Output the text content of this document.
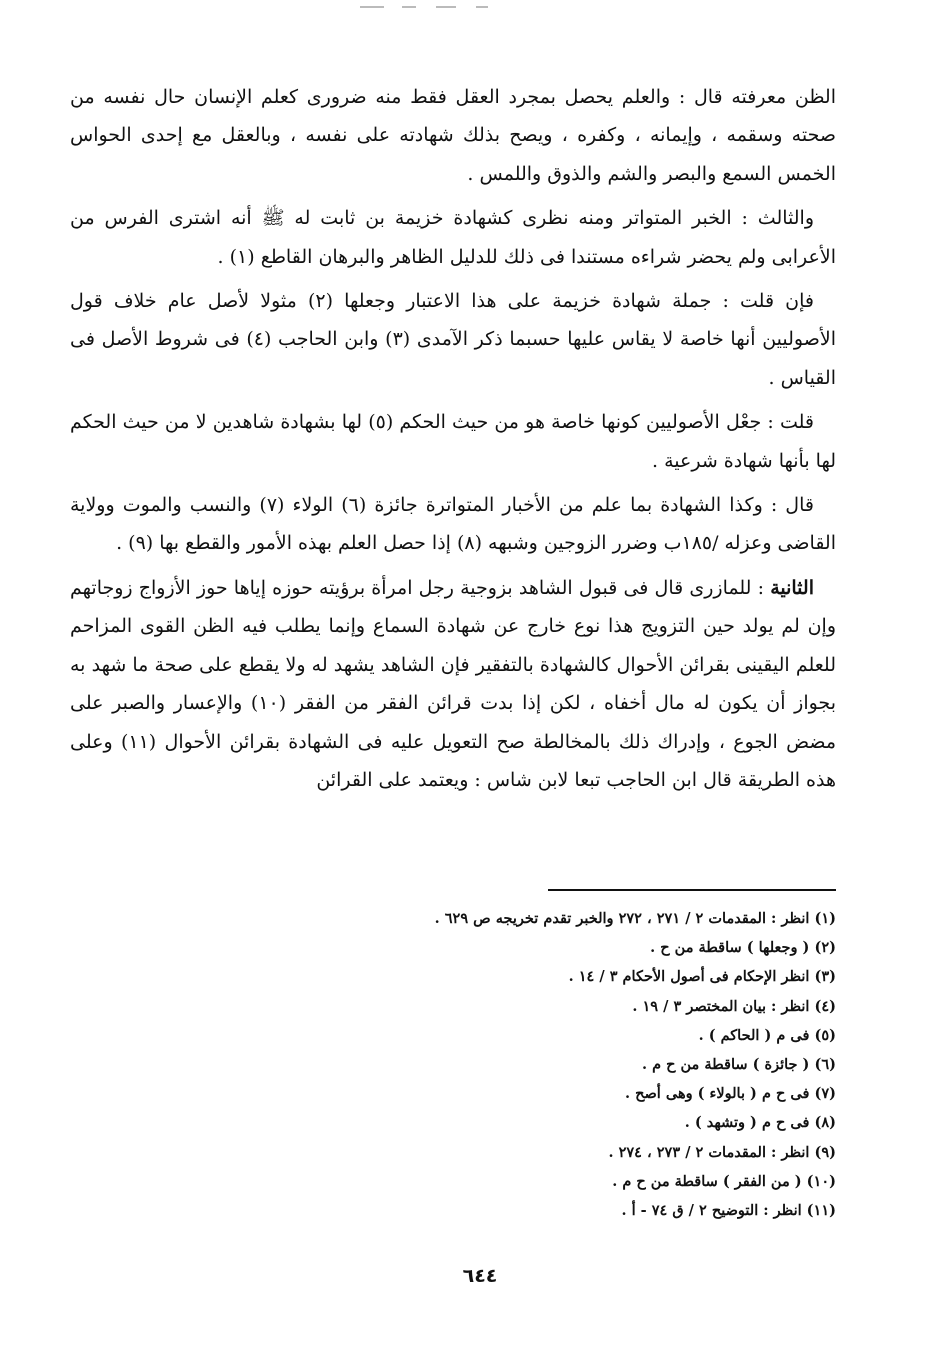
الظن معرفته قال : والعلم يحصل بمجرد العقل فقط منه ضرورى كعلم الإنسان حال نفسه من صحته وسقمه ، وإيمانه ، وكفره ، ويصح بذلك شهادته على نفسه ، وبالعقل مع إحدى الحواس الخمس السمع والبصر والشم والذوق واللمس .

والثالث : الخبر المتواتر ومنه نظرى كشهادة خزيمة بن ثابت له ﷺ أنه اشترى الفرس من الأعرابى ولم يحضر شراءه مستندا فى ذلك للدليل الظاهر والبرهان القاطع (١) .

فإن قلت : جملة شهادة خزيمة على هذا الاعتبار وجعلها (٢) مثولا لأصل عام خلاف قول الأصوليين أنها خاصة لا يقاس عليها حسبما ذكر الآمدى (٣) وابن الحاجب (٤) فى شروط الأصل فى القياس .

قلت : جعْل الأصوليين كونها خاصة هو من حيث الحكم (٥) لها بشهادة شاهدين لا من حيث الحكم لها بأنها شهادة شرعية .

قال : وكذا الشهادة بما علم من الأخبار المتواترة جائزة (٦) الولاء (٧) والنسب والموت وولاية القاضى وعزله /١٨٥ب وضرر الزوجين وشبهه (٨) إذا حصل العلم بهذه الأمور والقطع بها (٩) .

الثانية : للمازرى قال فى قبول الشاهد بزوجية رجل امرأة برؤيته حوزه إياها حوز الأزواج زوجاتهم وإن لم يولد حين التزويج هذا نوع خارج عن شهادة السماع وإنما يطلب فيه الظن القوى المزاحم للعلم اليقينى بقرائن الأحوال كالشهادة بالتفقير فإن الشاهد يشهد له ولا يقطع على صحة ما شهد به بجواز أن يكون له مال أخفاه ، لكن إذا بدت قرائن الفقر من الفقر (١٠) والإعسار والصبر على مضض الجوع ، وإدراك ذلك بالمخالطة صح التعويل عليه فى الشهادة بقرائن الأحوال (١١) وعلى هذه الطريقة قال ابن الحاجب تبعا لابن شاس : ويعتمد على القرائن

(١) انظر : المقدمات ٢ / ٢٧١ ، ٢٧٢ والخبر تقدم تخريجه ص ٦٢٩ .
(٢) ( وجعلها ) ساقطة من ح .
(٣) انظر الإحكام فى أصول الأحكام ٣ / ١٤ .
(٤) انظر : بيان المختصر ٣ / ١٩ .
(٥) فى م ( الحاكم ) .
(٦) ( جائزة ) ساقطة من ح م .
(٧) فى ح م ( بالولاء ) وهى أصح .
(٨) فى ح م ( وتشهد ) .
(٩) انظر : المقدمات ٢ / ٢٧٣ ، ٢٧٤ .
(١٠) ( من الفقر ) ساقطة من ح م .
(١١) انظر : التوضيح ٢ / ق ٧٤ - أ .
٦٤٤
